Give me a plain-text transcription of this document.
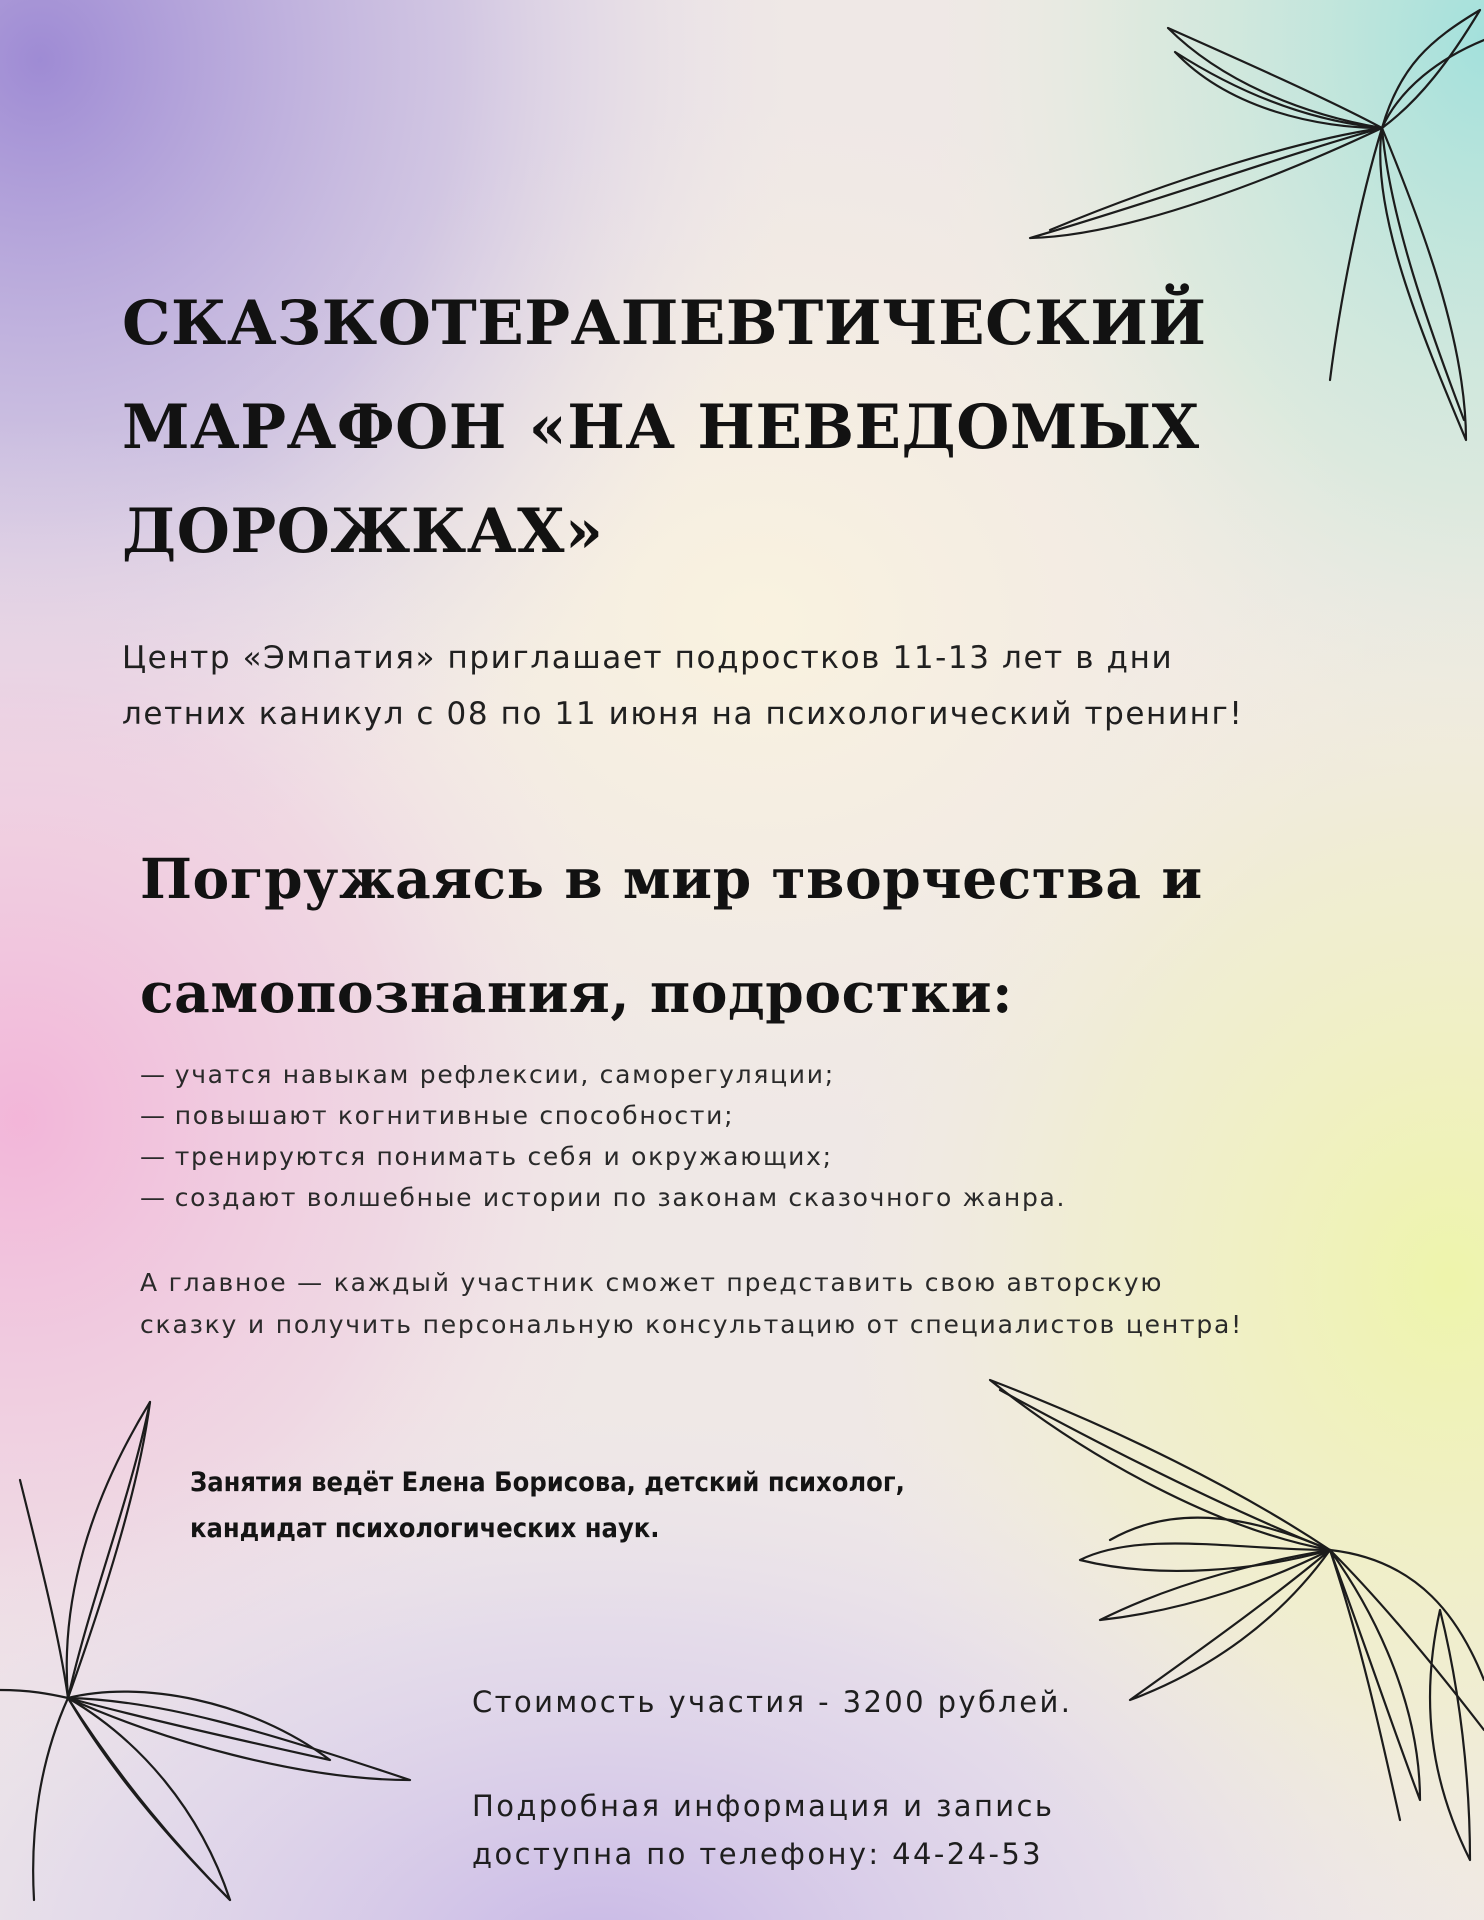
СКАЗКОТЕРАПЕВТИЧЕСКИЙ
МАРАФОН «НА НЕВЕДОМЫХ
ДОРОЖКАХ»

Центр «Эмпатия» приглашает подростков 11-13 лет в дни
летних каникул с 08 по 11 июня на психологический тренинг!

Погружаясь в мир творчества и
самопознания, подростки:
— учатся навыкам рефлексии, саморегуляции;
— повышают когнитивные способности;
— тренируются понимать себя и окружающих;
— создают волшебные истории по законам сказочного жанра.

А главное — каждый участник сможет представить свою авторскую
сказку и получить персональную консультацию от специалистов центра!

Занятия ведёт Елена Борисова, детский психолог,
кандидат психологических наук.

Стоимость участия - 3200 рублей.

Подробная информация и запись
доступна по телефону: 44-24-53
